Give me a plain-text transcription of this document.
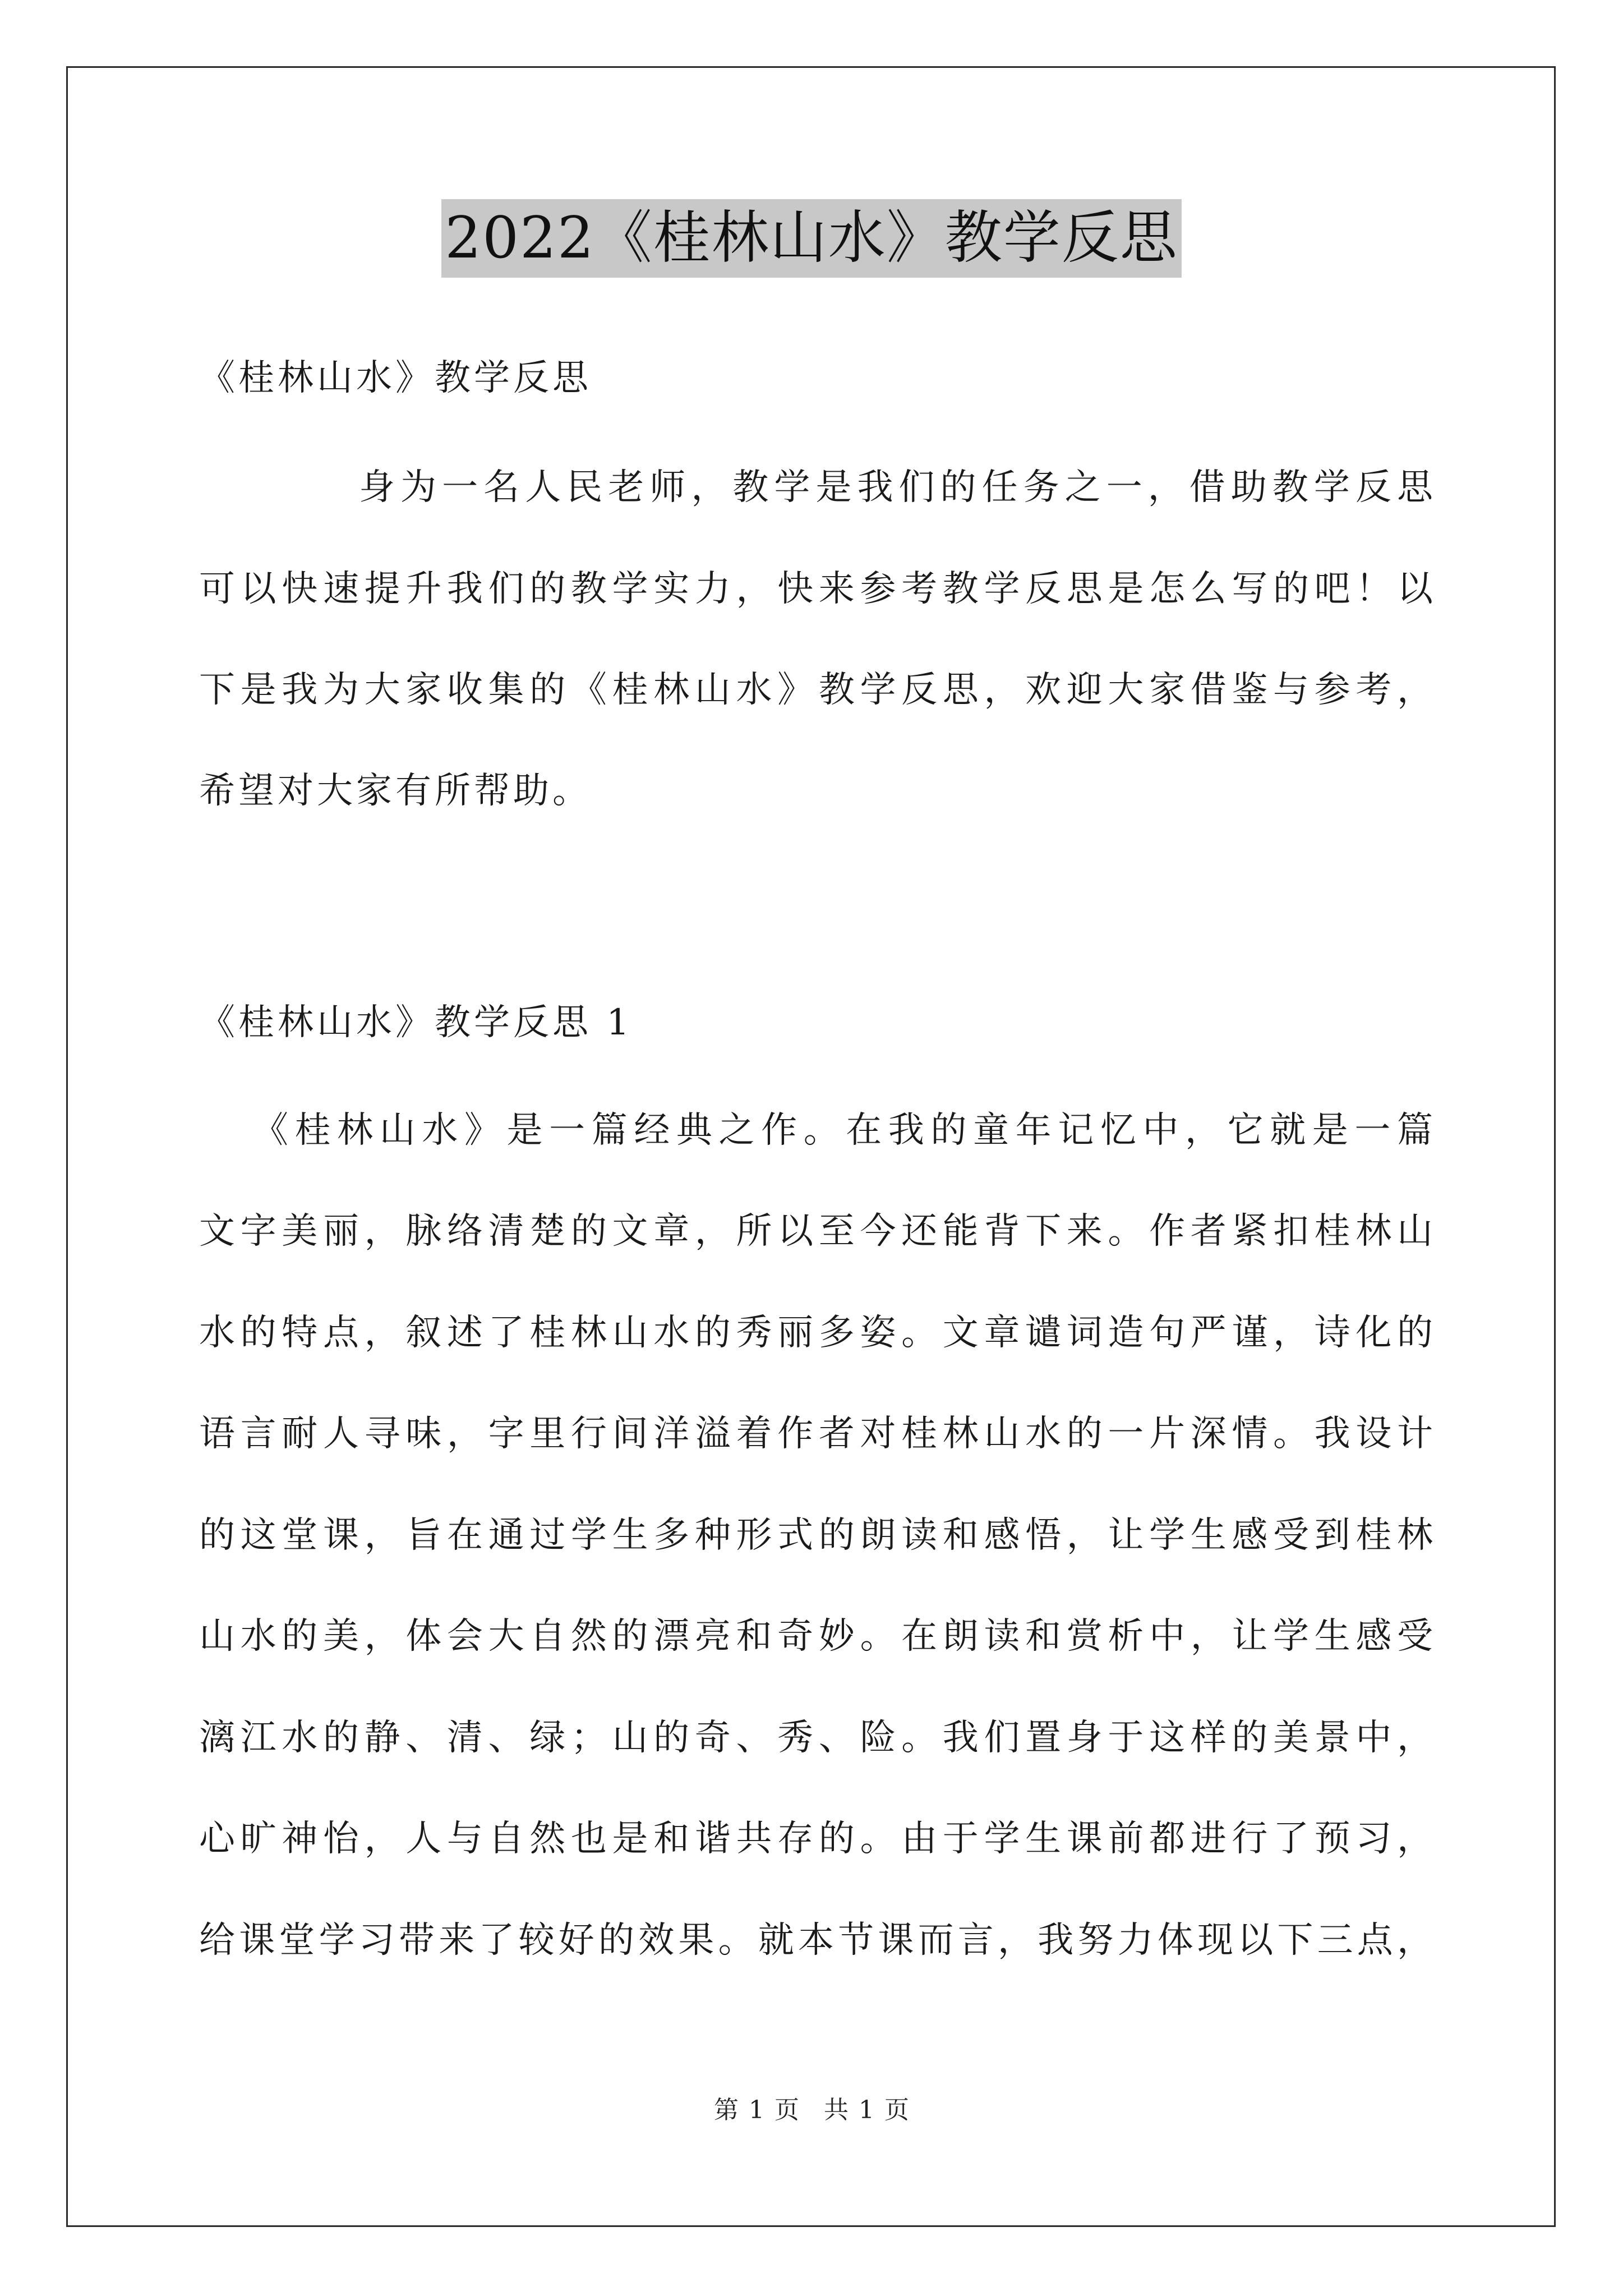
2022《桂林山水》教学反思
《桂林山水》教学反思
身为一名人民老师，教学是我们的任务之一，借助教学反思
可以快速提升我们的教学实力，快来参考教学反思是怎么写的吧！以
下是我为大家收集的《桂林山水》教学反思，欢迎大家借鉴与参考，
希望对大家有所帮助。
《桂林山水》教学反思 1
《桂林山水》是一篇经典之作。在我的童年记忆中，它就是一篇
文字美丽，脉络清楚的文章，所以至今还能背下来。作者紧扣桂林山
水的特点，叙述了桂林山水的秀丽多姿。文章谴词造句严谨，诗化的
语言耐人寻味，字里行间洋溢着作者对桂林山水的一片深情。我设计
的这堂课，旨在通过学生多种形式的朗读和感悟，让学生感受到桂林
山水的美，体会大自然的漂亮和奇妙。在朗读和赏析中，让学生感受
漓江水的静、清、绿；山的奇、秀、险。我们置身于这样的美景中，
心旷神怡，人与自然也是和谐共存的。由于学生课前都进行了预习，
给课堂学习带来了较好的效果。就本节课而言，我努力体现以下三点，
第 1 页　共 1 页
